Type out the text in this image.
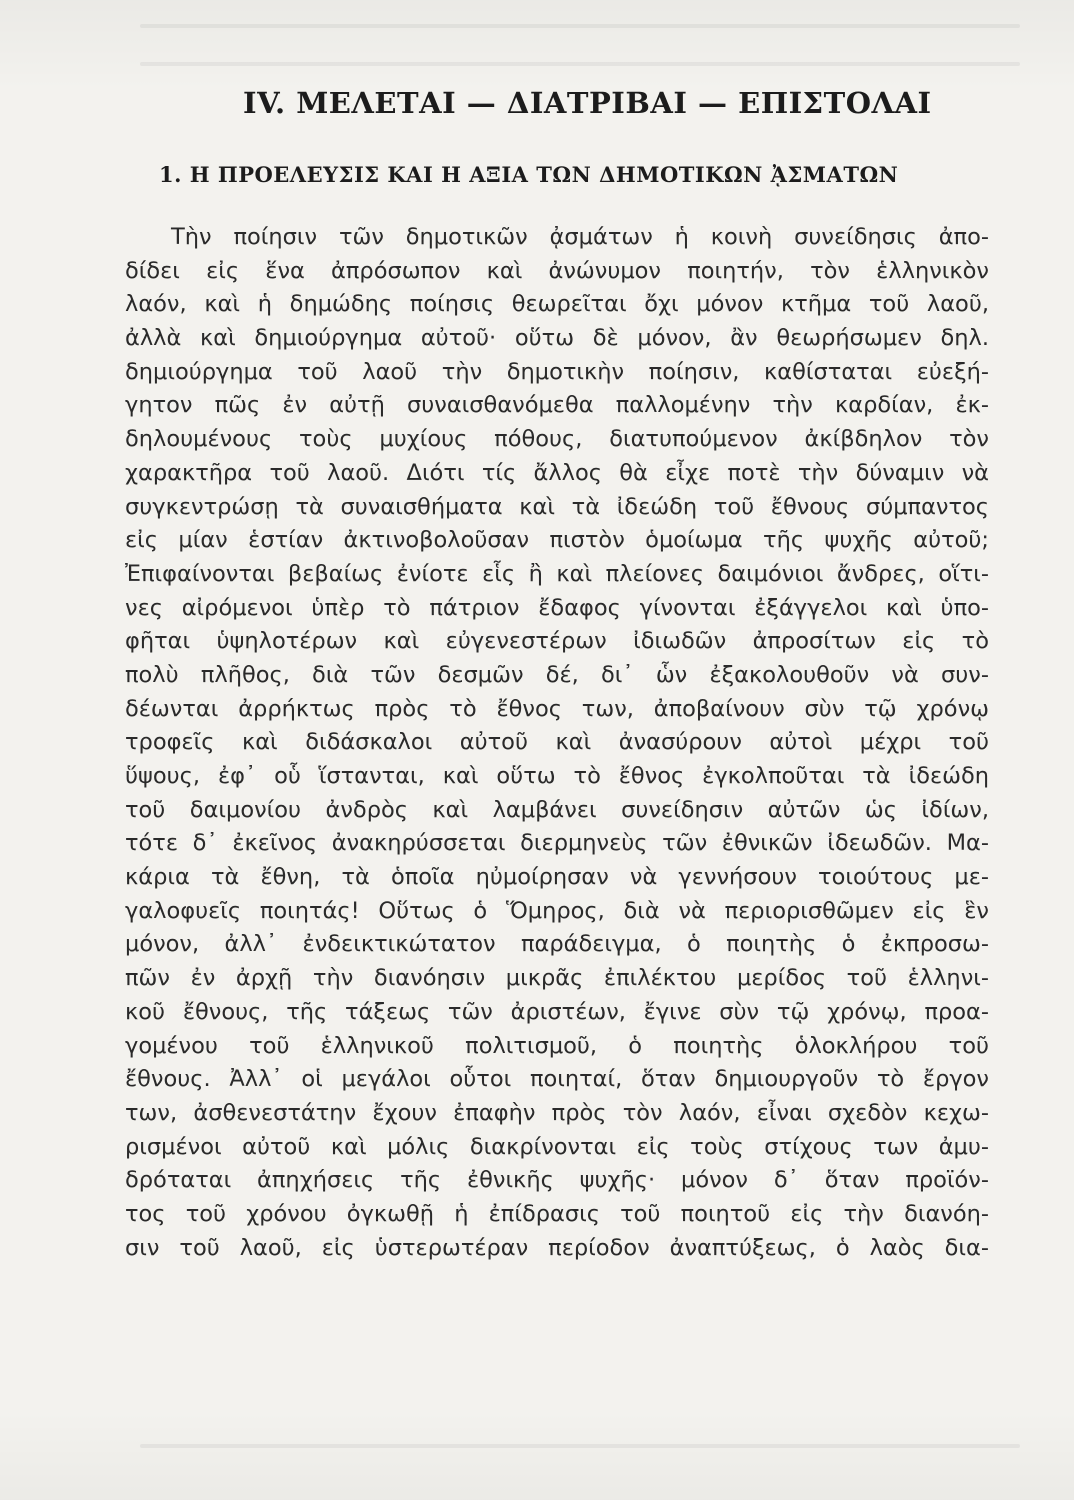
IV. ΜΕΛΕΤΑΙ — ΔΙΑΤΡΙΒΑΙ — ΕΠΙΣΤΟΛΑΙ
1. Η ΠΡΟΕΛΕΥΣΙΣ ΚΑΙ Η ΑΞΙΑ ΤΩΝ ΔΗΜΟΤΙΚΩΝ ᾈΣΜΑΤΩΝ
Τὴν ποίησιν τῶν δημοτικῶν ᾀσμάτων ἡ κοινὴ συνείδησις ἀπο-
δίδει εἰς ἕνα ἀπρόσωπον καὶ ἀνώνυμον ποιητήν, τὸν ἑλληνικὸν
λαόν, καὶ ἡ δημώδης ποίησις θεωρεῖται ὄχι μόνον κτῆμα τοῦ λαοῦ,
ἀλλὰ καὶ δημιούργημα αὐτοῦ· οὕτω δὲ μόνον, ἂν θεωρήσωμεν δηλ.
δημιούργημα τοῦ λαοῦ τὴν δημοτικὴν ποίησιν, καθίσταται εὐεξή-
γητον πῶς ἐν αὐτῇ συναισθανόμεθα παλλομένην τὴν καρδίαν, ἐκ-
δηλουμένους τοὺς μυχίους πόθους, διατυπούμενον ἀκίβδηλον τὸν
χαρακτῆρα τοῦ λαοῦ. Διότι τίς ἄλλος θὰ εἶχε ποτὲ τὴν δύναμιν νὰ
συγκεντρώσῃ τὰ συναισθήματα καὶ τὰ ἰδεώδη τοῦ ἔθνους σύμπαντος
εἰς μίαν ἑστίαν ἀκτινοβολοῦσαν πιστὸν ὁμοίωμα τῆς ψυχῆς αὐτοῦ;
Ἐπιφαίνονται βεβαίως ἐνίοτε εἷς ἢ καὶ πλείονες δαιμόνιοι ἄνδρες, οἵτι-
νες αἰρόμενοι ὑπὲρ τὸ πάτριον ἔδαφος γίνονται ἐξάγγελοι καὶ ὑπο-
φῆται ὑψηλοτέρων καὶ εὐγενεστέρων ἰδιωδῶν ἀπροσίτων εἰς τὸ
πολὺ πλῆθος, διὰ τῶν δεσμῶν δέ, δι᾽ ὧν ἐξακολουθοῦν νὰ συν-
δέωνται ἀρρήκτως πρὸς τὸ ἔθνος των, ἀποβαίνουν σὺν τῷ χρόνῳ
τροφεῖς καὶ διδάσκαλοι αὐτοῦ καὶ ἀνασύρουν αὐτοὶ μέχρι τοῦ
ὕψους, ἐφ᾽ οὗ ἵστανται, καὶ οὕτω τὸ ἔθνος ἐγκολποῦται τὰ ἰδεώδη
τοῦ δαιμονίου ἀνδρὸς καὶ λαμβάνει συνείδησιν αὐτῶν ὡς ἰδίων,
τότε δ᾽ ἐκεῖνος ἀνακηρύσσεται διερμηνεὺς τῶν ἐθνικῶν ἰδεωδῶν. Μα-
κάρια τὰ ἔθνη, τὰ ὁποῖα ηὐμοίρησαν νὰ γεννήσουν τοιούτους με-
γαλοφυεῖς ποιητάς! Οὕτως ὁ Ὅμηρος, διὰ νὰ περιορισθῶμεν εἰς ἓν
μόνον, ἀλλ᾽ ἐνδεικτικώτατον παράδειγμα, ὁ ποιητὴς ὁ ἐκπροσω-
πῶν ἐν ἀρχῇ τὴν διανόησιν μικρᾶς ἐπιλέκτου μερίδος τοῦ ἑλληνι-
κοῦ ἔθνους, τῆς τάξεως τῶν ἀριστέων, ἔγινε σὺν τῷ χρόνῳ, προα-
γομένου τοῦ ἑλληνικοῦ πολιτισμοῦ, ὁ ποιητὴς ὁλοκλήρου τοῦ
ἔθνους. Ἀλλ᾽ οἱ μεγάλοι οὗτοι ποιηταί, ὅταν δημιουργοῦν τὸ ἔργον
των, ἀσθενεστάτην ἔχουν ἐπαφὴν πρὸς τὸν λαόν, εἶναι σχεδὸν κεχω-
ρισμένοι αὐτοῦ καὶ μόλις διακρίνονται εἰς τοὺς στίχους των ἀμυ-
δρόταται ἀπηχήσεις τῆς ἐθνικῆς ψυχῆς· μόνον δ᾽ ὅταν προϊόν-
τος τοῦ χρόνου ὀγκωθῇ ἡ ἐπίδρασις τοῦ ποιητοῦ εἰς τὴν διανόη-
σιν τοῦ λαοῦ, εἰς ὑστερωτέραν περίοδον ἀναπτύξεως, ὁ λαὸς δια-
